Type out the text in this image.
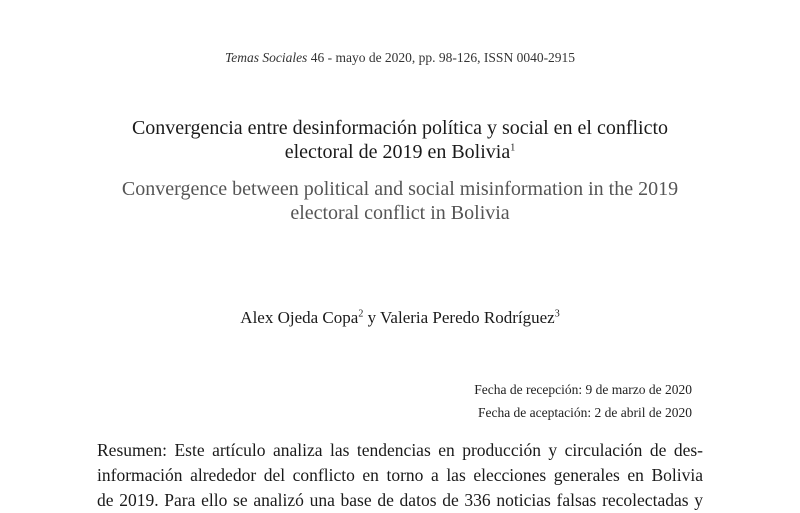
Temas Sociales 46 - mayo de 2020, pp. 98-126, ISSN 0040-2915
Convergencia entre desinformación política y social en el conflicto
electoral de 2019 en Bolivia$^1$
Convergence between political and social misinformation in the 2019
electoral conflict in Bolivia
Alex Ojeda Copa$^2$ y Valeria Peredo Rodríguez$^3$
Fecha de recepción: 9 de marzo de 2020
Fecha de aceptación: 2 de abril de 2020
Resumen: Este artículo analiza las tendencias en producción y circulación de des-
información alrededor del conflicto en torno a las elecciones generales en Bolivia
de 2019. Para ello se analizó una base de datos de 336 noticias falsas recolectadas y
